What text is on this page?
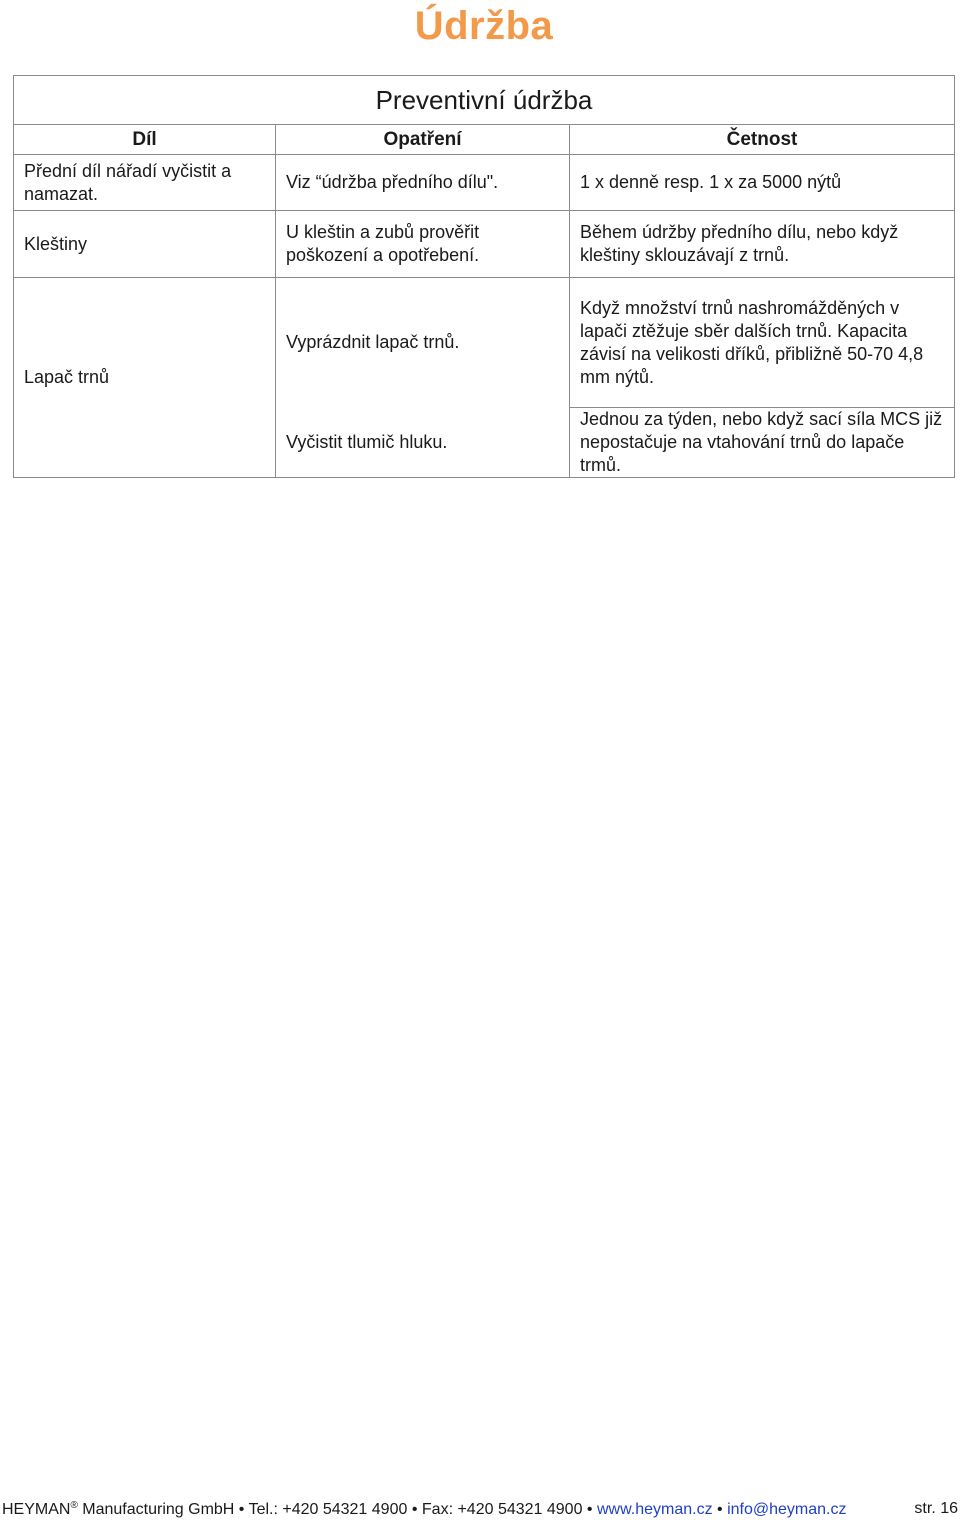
Údržba
Preventivní údržba		
Díl	Opatření	Četnost
Přední díl nářadí vyčistit a namazat.	Viz “údržba předního dílu".	1 x denně resp. 1 x za 5000 nýtů
Kleštiny	U kleštin a zubů prověřit poškození a opotřebení.	Během údržby předního dílu, nebo když kleštiny sklouzávají z trnů.
Lapač trnů	Vyprázdnit lapač trnů.	Když množství trnů nashromážděných v lapači ztěžuje sběr dalších trnů. Kapacita závisí na velikosti dříků, přibližně 50-70 4,8 mm nýtů.
	Vyčistit tlumič hluku.	Jednou za týden, nebo když sací síla MCS již nepostačuje na vtahování trnů do lapače trmů.
HEYMAN® Manufacturing GmbH • Tel.: +420 54321 4900 • Fax: +420 54321 4900 • www.heyman.cz • info@heyman.cz	str. 16
